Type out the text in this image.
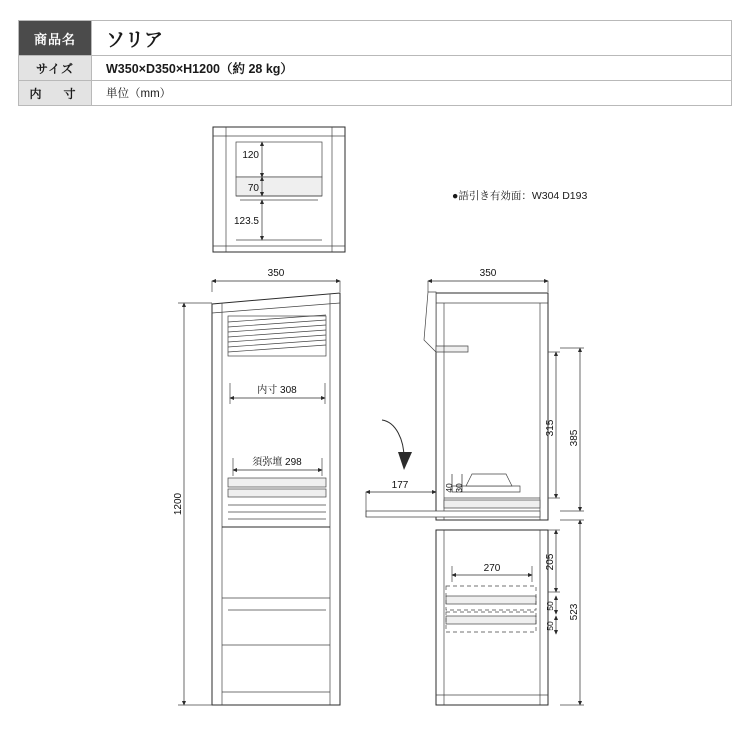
商品名	ソリア
サイズ	W350×D350×H1200（約 28 kg）
内　寸	単位（mm）
●語引き有効面：W304 D193
120
70
123.5
350
内寸 308
須弥壇 298
1200
350
177	40 30
315
385
270	205
50
50
523
